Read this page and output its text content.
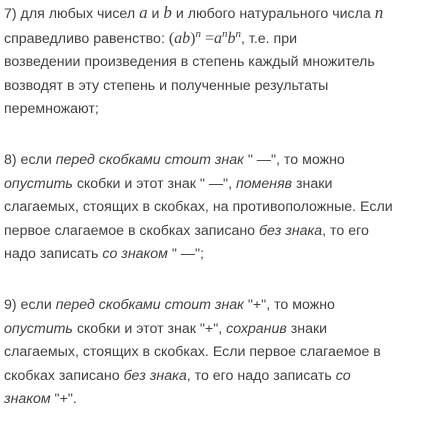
7) для любых чисел a и b и любого натурального числа n
справедливо равенство: $(ab)^n =a^nb^n$, т.е. при
возведении произведения в степень каждый множитель
возводят в эту степень и полученные результаты
перемножают;

8) если перед скобками стоит знак " —", то можно
опустить скобки и этот знак " —", поменяв знаки
слагаемых, стоящих в скобках, на противоположные. Если
первое слагаемое в скобках записано без знака, то его
надо записать со знаком " —";

9) если перед скобками стоит знак "+", то можно
опустить скобки и этот знак "+", сохранив знаки
слагаемых, стоящих в скобках. Если первое слагаемое в
скобках записано без знака, то его надо записать со
знаком "+".
